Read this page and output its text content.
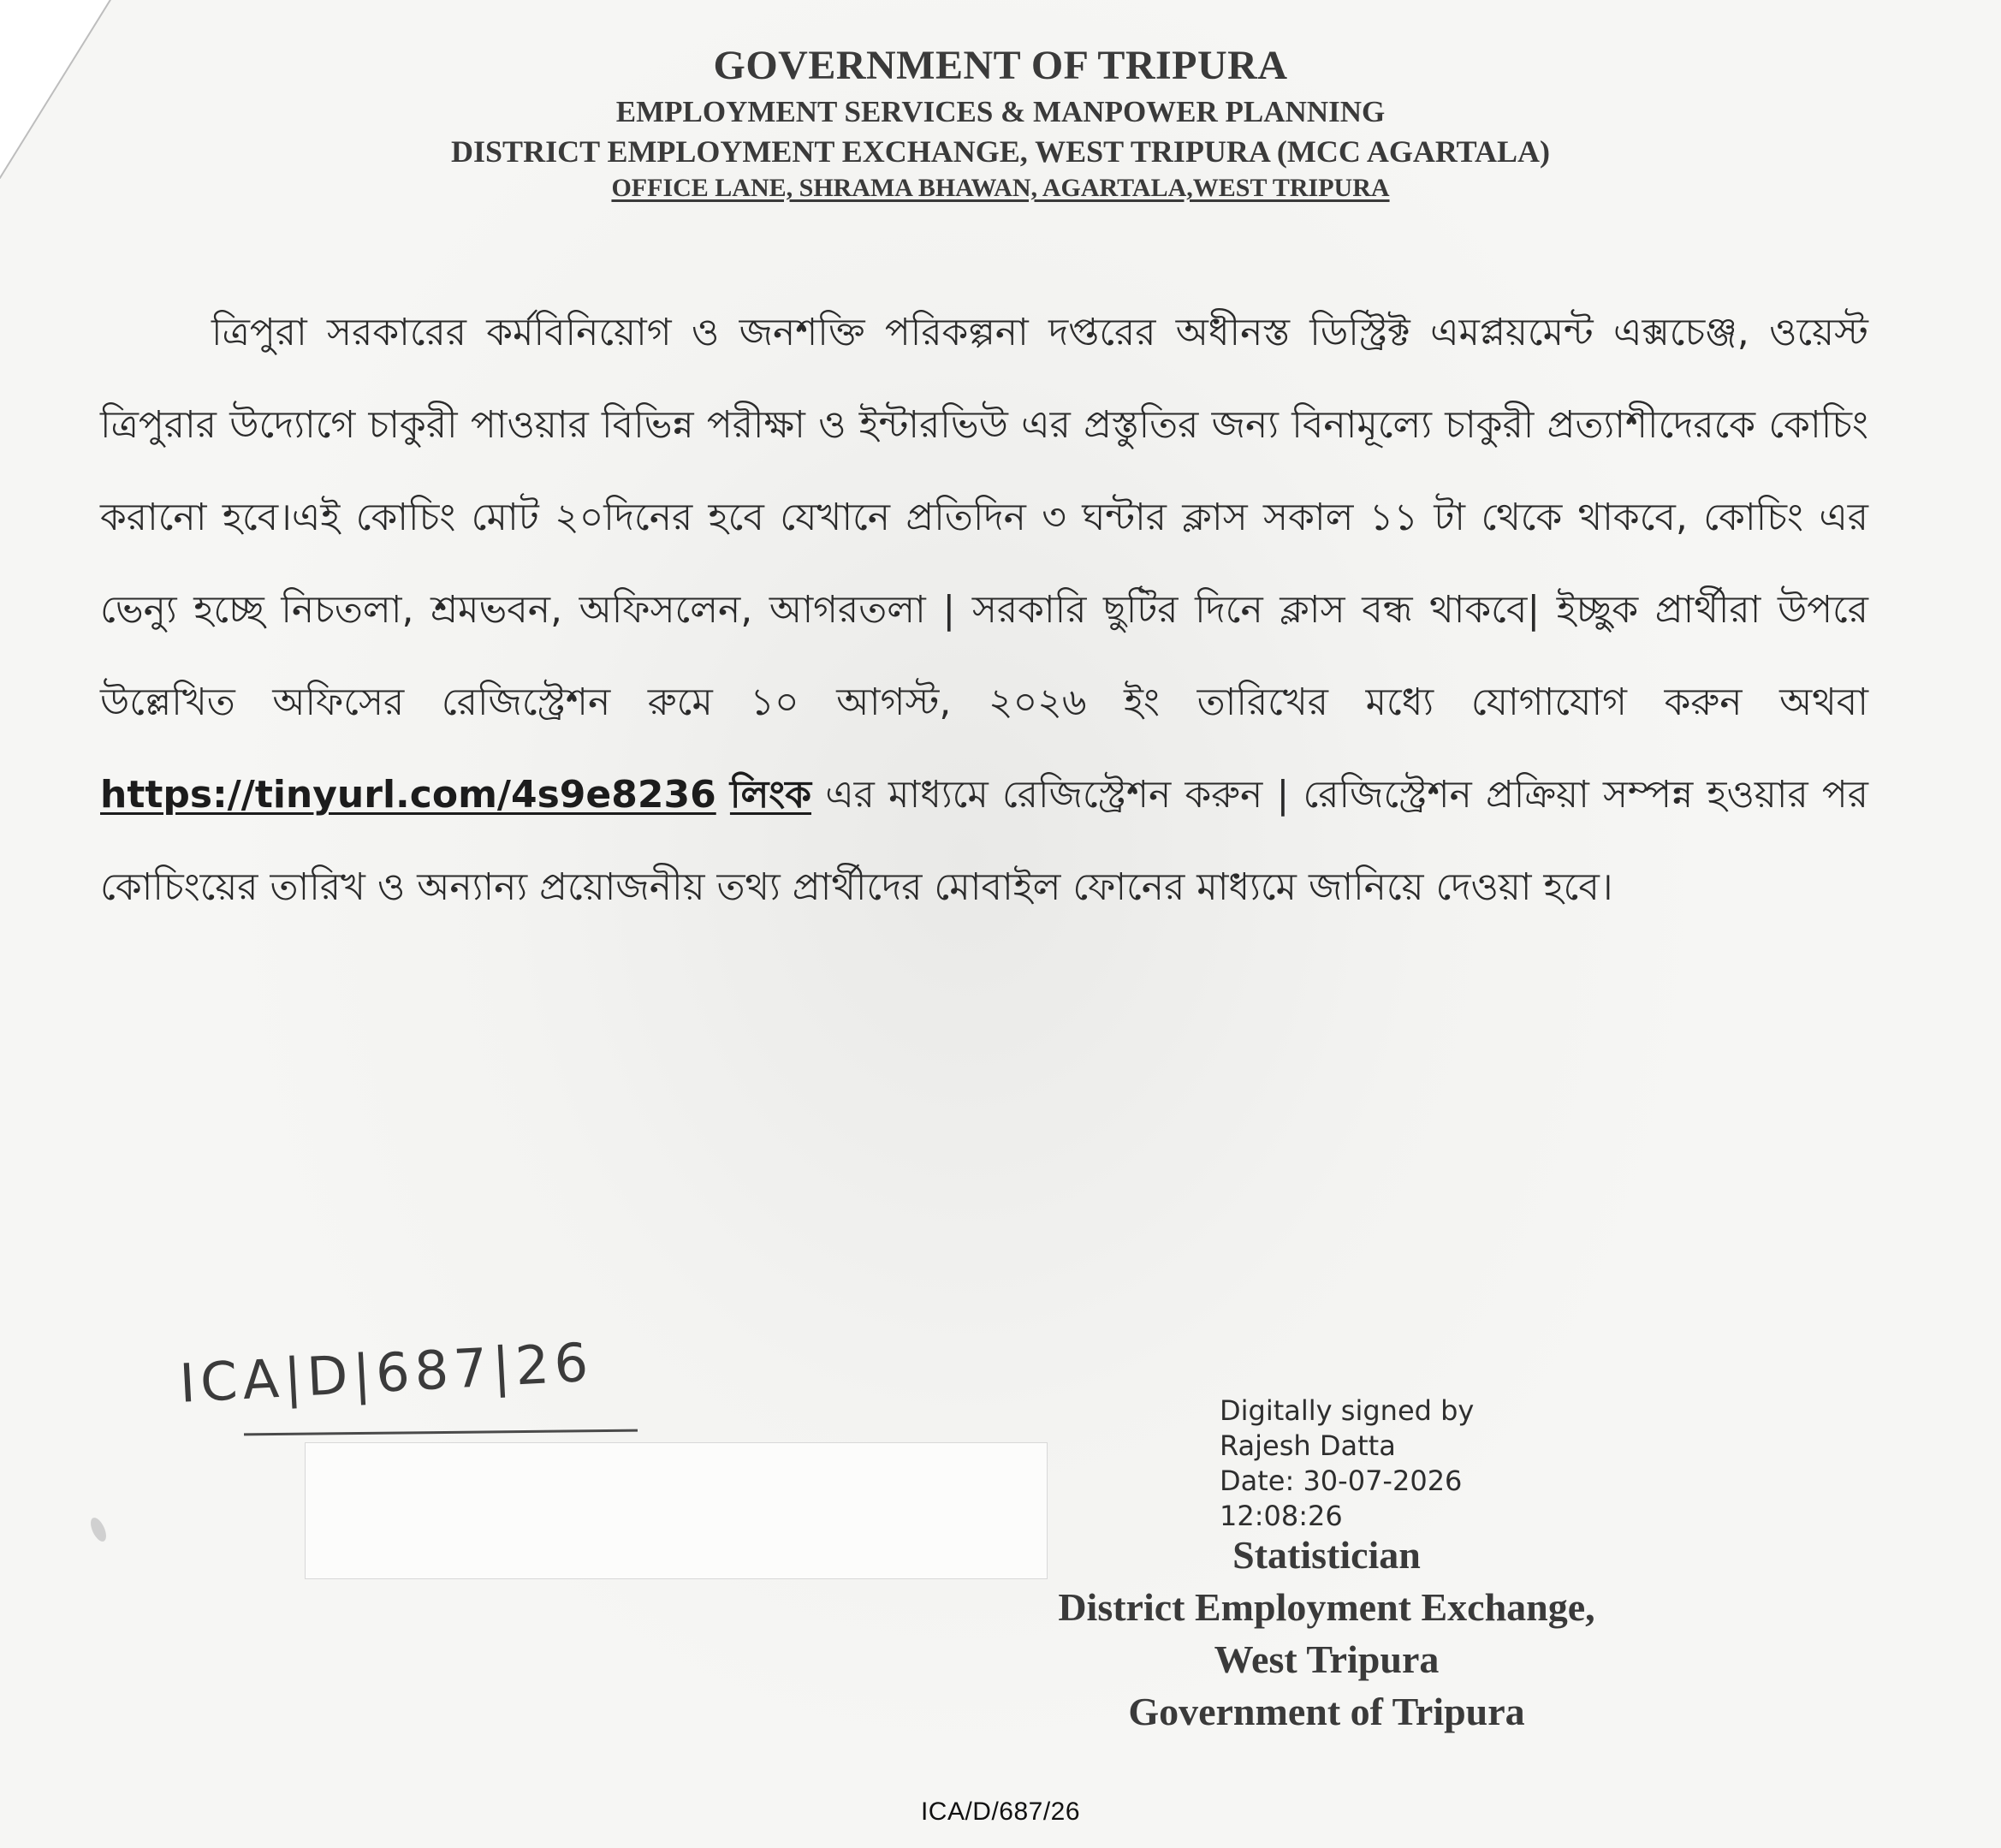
GOVERNMENT OF TRIPURA
EMPLOYMENT SERVICES & MANPOWER PLANNING
DISTRICT EMPLOYMENT EXCHANGE, WEST TRIPURA (MCC AGARTALA)
OFFICE LANE, SHRAMA BHAWAN, AGARTALA,WEST TRIPURA
ত্রিপুরা সরকারের কর্মবিনিয়োগ ও জনশক্তি পরিকল্পনা দপ্তরের অধীনস্ত ডিস্ট্রিক্ট এমপ্লয়মেন্ট এক্সচেঞ্জ, ওয়েস্ট ত্রিপুরার উদ্যোগে চাকুরী পাওয়ার বিভিন্ন পরীক্ষা ও ইন্টারভিউ এর প্রস্তুতির জন্য বিনামূল্যে চাকুরী প্রত্যাশীদেরকে কোচিং করানো হবে।এই কোচিং মোট ২০দিনের হবে যেখানে প্রতিদিন ৩ ঘন্টার ক্লাস সকাল ১১ টা থেকে থাকবে, কোচিং এর ভেন্যু হচ্ছে নিচতলা, শ্রমভবন, অফিসলেন, আগরতলা | সরকারি ছুটির দিনে ক্লাস বন্ধ থাকবে| ইচ্ছুক প্রার্থীরা উপরে উল্লেখিত অফিসের রেজিস্ট্রেশন রুমে ১০ আগস্ট, ২০২৬ ইং তারিখের মধ্যে যোগাযোগ করুন অথবা https://tinyurl.com/4s9e8236 লিংক এর মাধ্যমে রেজিস্ট্রেশন করুন | রেজিস্ট্রেশন প্রক্রিয়া সম্পন্ন হওয়ার পর কোচিংয়ের তারিখ ও অন্যান্য প্রয়োজনীয় তথ্য প্রার্থীদের মোবাইল ফোনের মাধ্যমে জানিয়ে দেওয়া হবে।
ICA|D|687|26	Digitally signed by
Rajesh Datta
Date: 30-07-2026
12:08:26
Statistician
District Employment Exchange,
West Tripura
Government of Tripura
ICA/D/687/26
